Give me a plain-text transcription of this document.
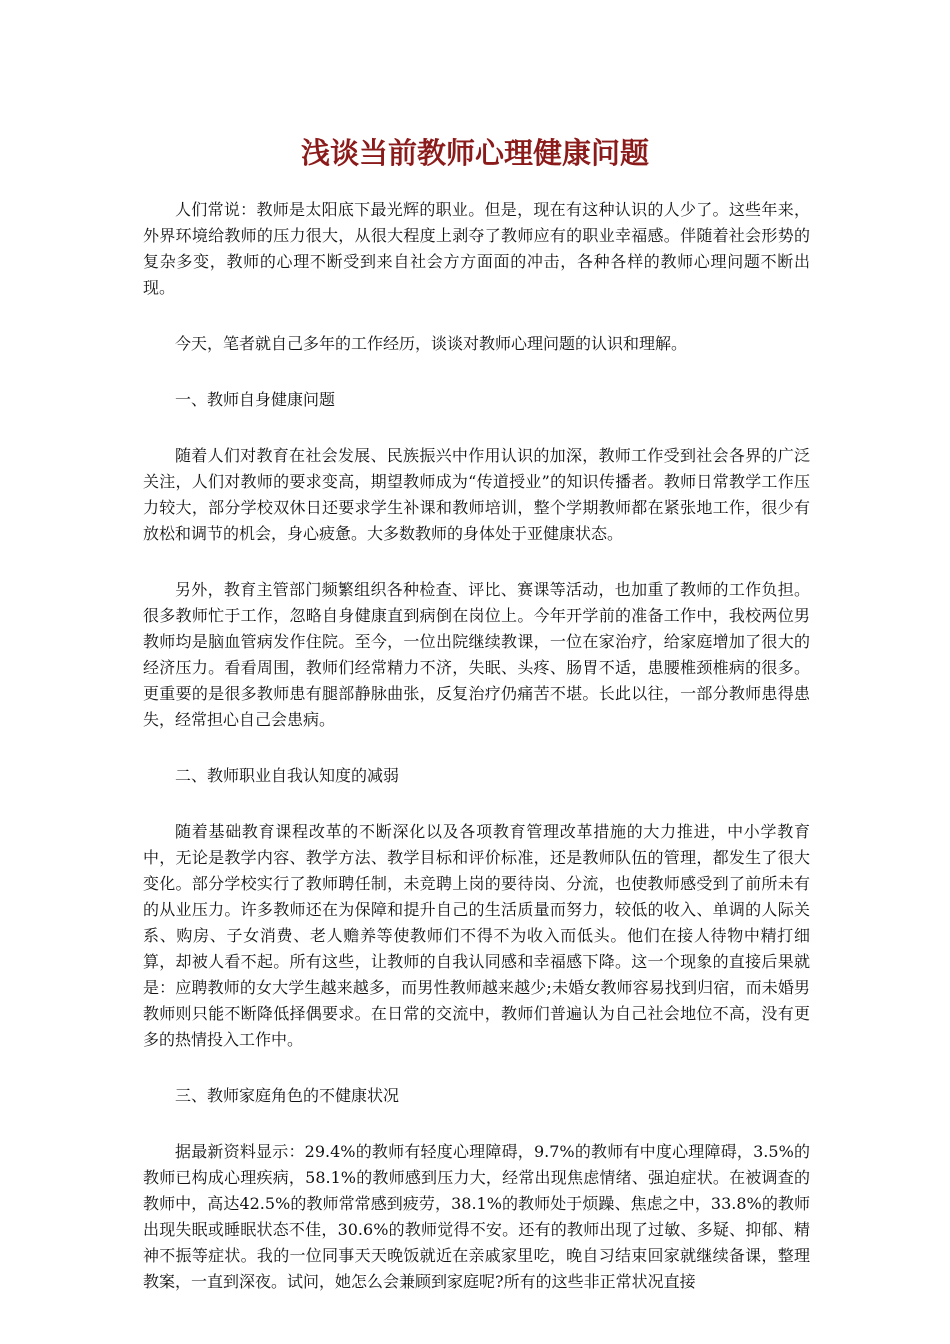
浅谈当前教师心理健康问题

人们常说：教师是太阳底下最光辉的职业。但是，现在有这种认识的人少了。这些年来，外界环境给教师的压力很大，从很大程度上剥夺了教师应有的职业幸福感。伴随着社会形势的复杂多变，教师的心理不断受到来自社会方方面面的冲击，各种各样的教师心理问题不断出现。

今天，笔者就自己多年的工作经历，谈谈对教师心理问题的认识和理解。

一、教师自身健康问题

随着人们对教育在社会发展、民族振兴中作用认识的加深，教师工作受到社会各界的广泛关注，人们对教师的要求变高，期望教师成为“传道授业”的知识传播者。教师日常教学工作压力较大，部分学校双休日还要求学生补课和教师培训，整个学期教师都在紧张地工作，很少有放松和调节的机会，身心疲惫。大多数教师的身体处于亚健康状态。

另外，教育主管部门频繁组织各种检查、评比、赛课等活动，也加重了教师的工作负担。很多教师忙于工作，忽略自身健康直到病倒在岗位上。今年开学前的准备工作中，我校两位男教师均是脑血管病发作住院。至今，一位出院继续教课，一位在家治疗，给家庭增加了很大的经济压力。看看周围，教师们经常精力不济，失眠、头疼、肠胃不适，患腰椎颈椎病的很多。更重要的是很多教师患有腿部静脉曲张，反复治疗仍痛苦不堪。长此以往，一部分教师患得患失，经常担心自己会患病。

二、教师职业自我认知度的减弱

随着基础教育课程改革的不断深化以及各项教育管理改革措施的大力推进，中小学教育中，无论是教学内容、教学方法、教学目标和评价标准，还是教师队伍的管理，都发生了很大变化。部分学校实行了教师聘任制，未竞聘上岗的要待岗、分流，也使教师感受到了前所未有的从业压力。许多教师还在为保障和提升自己的生活质量而努力，较低的收入、单调的人际关系、购房、子女消费、老人赡养等使教师们不得不为收入而低头。他们在接人待物中精打细算，却被人看不起。所有这些，让教师的自我认同感和幸福感下降。这一个现象的直接后果就是：应聘教师的女大学生越来越多，而男性教师越来越少;未婚女教师容易找到归宿，而未婚男教师则只能不断降低择偶要求。在日常的交流中，教师们普遍认为自己社会地位不高，没有更多的热情投入工作中。

三、教师家庭角色的不健康状况

据最新资料显示：29.4%的教师有轻度心理障碍，9.7%的教师有中度心理障碍，3.5%的教师已构成心理疾病，58.1%的教师感到压力大，经常出现焦虑情绪、强迫症状。在被调查的教师中，高达42.5%的教师常常感到疲劳，38.1%的教师处于烦躁、焦虑之中，33.8%的教师出现失眠或睡眠状态不佳，30.6%的教师觉得不安。还有的教师出现了过敏、多疑、抑郁、精神不振等症状。我的一位同事天天晚饭就近在亲戚家里吃，晚自习结束回家就继续备课，整理教案，一直到深夜。试问，她怎么会兼顾到家庭呢?所有的这些非正常状况直接
